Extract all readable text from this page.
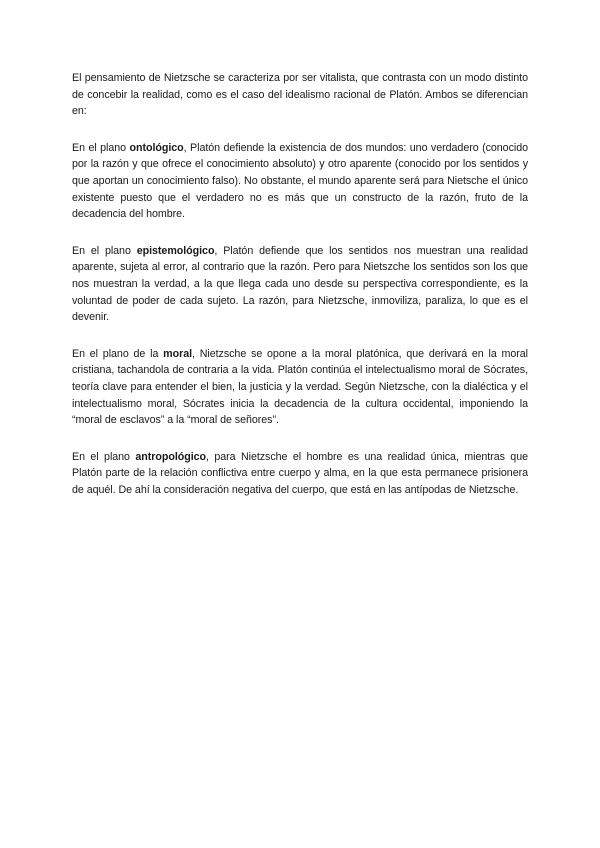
El pensamiento de Nietzsche se caracteriza por ser vitalista, que contrasta con un modo distinto de concebir la realidad, como es el caso del idealismo racional de Platón. Ambos se diferencian en:

En el plano ontológico, Platón defiende la existencia de dos mundos: uno verdadero (conocido por la razón y que ofrece el conocimiento absoluto) y otro aparente (conocido por los sentidos y que aportan un conocimiento falso). No obstante, el mundo aparente será para Nietsche el único existente puesto que el verdadero no es más que un constructo de la razón, fruto de la decadencia del hombre.

En el plano epistemológico, Platón defiende que los sentidos nos muestran una realidad aparente, sujeta al error, al contrario que la razón. Pero para Nietszche los sentidos son los que nos muestran la verdad, a la que llega cada uno desde su perspectiva correspondiente, es la voluntad de poder de cada sujeto. La razón, para Nietzsche, inmoviliza, paraliza, lo que es el devenir.

En el plano de la moral, Nietzsche se opone a la moral platónica, que derivará en la moral cristiana, tachandola de contraria a la vida. Platón continúa el intelectualismo moral de Sócrates, teoría clave para entender el bien, la justicia y la verdad. Según Nietzsche, con la dialéctica y el intelectualismo moral, Sócrates inicia la decadencia de la cultura occidental, imponiendo la “moral de esclavos” a la “moral de señores”.

En el plano antropológico, para Nietzsche el hombre es una realidad única, mientras que Platón parte de la relación conflictiva entre cuerpo y alma, en la que esta permanece prisionera de aquél. De ahí la consideración negativa del cuerpo, que está en las antípodas de Nietzsche.
